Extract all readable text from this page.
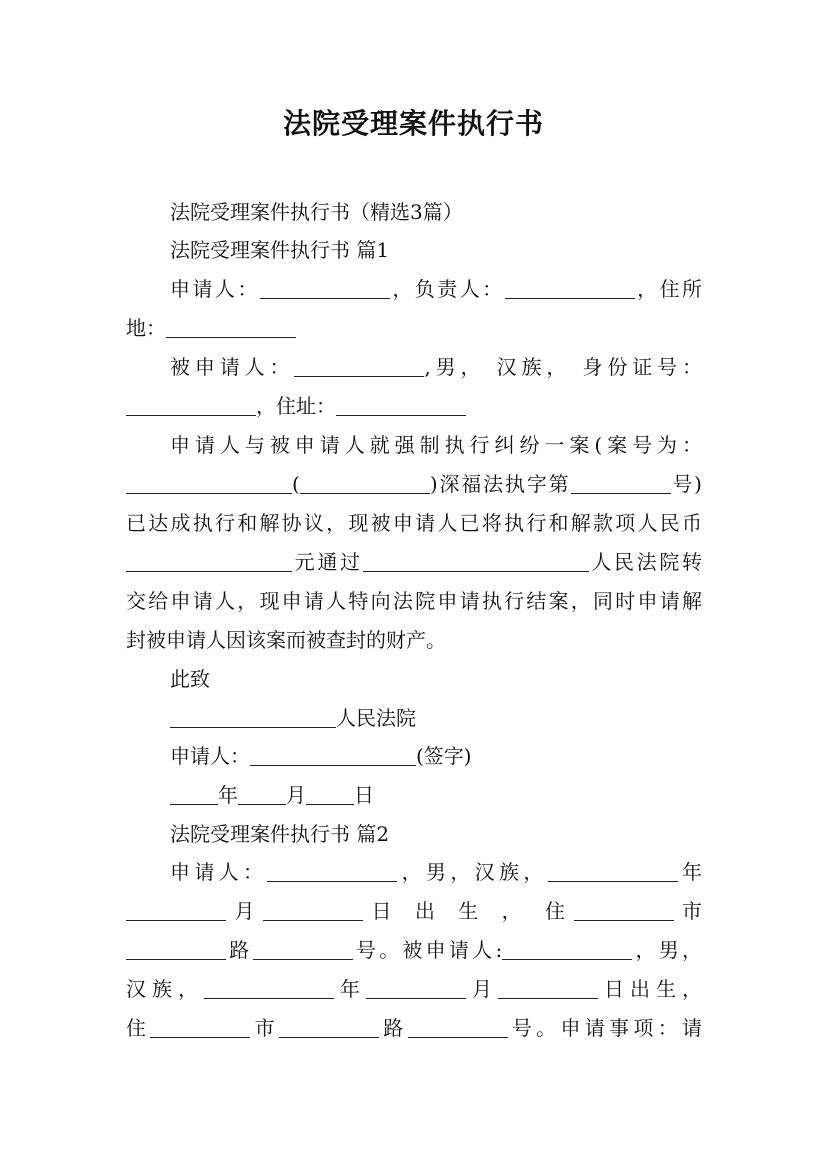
法院受理案件执行书
法院受理案件执行书（精选3篇）
法院受理案件执行书 篇1
申请人：	，负责人：	，住所
地：
被申请人：	,男， 汉族， 身份证号：
，住址：
申请人与被申请人就强制执行纠纷一案(案号为：
(	)深福法执字第	号)
已达成执行和解协议，现被申请人已将执行和解款项人民币
元通过	人民法院转
交给申请人，现申请人特向法院申请执行结案，同时申请解
封被申请人因该案而被查封的财产。
此致
人民法院
申请人：	(签字)
年 月 日
法院受理案件执行书 篇2
申请人：	，男，汉族，	年
月	日 出 生 ， 住	市
路	号。被申请人:	，男，
汉族，	年	月	日出生，
住	市	路	号。申请事项：请
